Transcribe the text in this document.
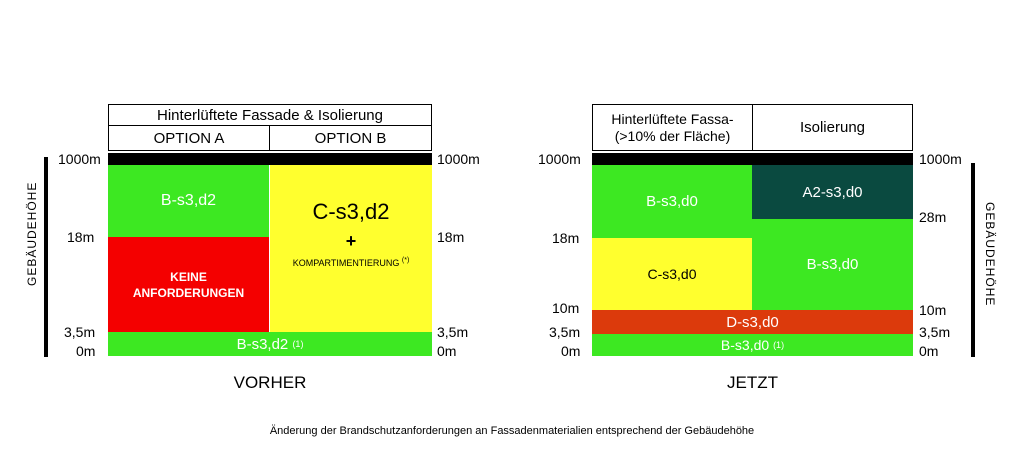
GEBÄUDEHÖHE
Hinterlüftete Fassade & Isolierung
OPTION A	OPTION B
B-s3,d2
KEINE
ANFORDERUNGEN
C-s3,d2
+
KOMPARTIMENTIERUNG (*)
B-s3,d2
(1)
1000m
18m
3,5m
0m
1000m
18m
3,5m
0m
VORHER
Hinterlüftete Fassa-
(>10% der Fläche)	Isolierung
B-s3,d0
C-s3,d0
A2-s3,d0
B-s3,d0
D-s3,d0
B-s3,d0
(1)
1000m
18m
10m
3,5m
0m
1000m
28m
10m
3,5m
0m
GEBÄUDEHÖHE
JETZT
Änderung der Brandschutzanforderungen an Fassadenmaterialien entsprechend der Gebäudehöhe
